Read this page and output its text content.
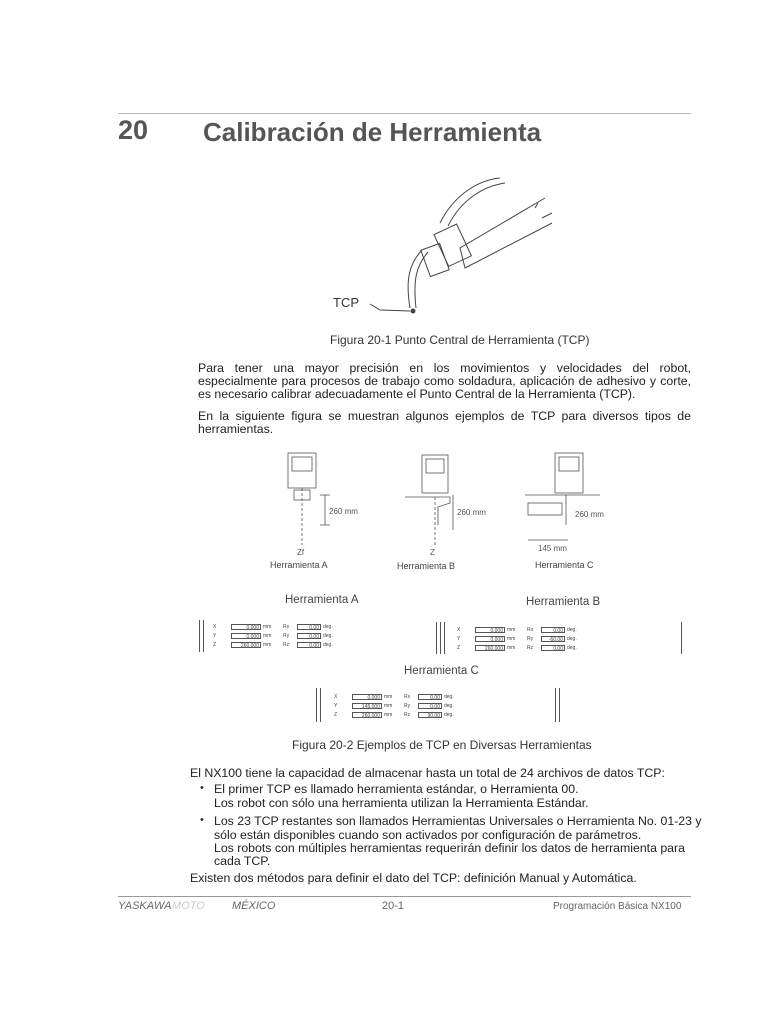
20 Calibración de Herramienta
TCP
Figura 20-1 Punto Central de Herramienta (TCP)
Para tener una mayor precisión en los movimientos y velocidades del robot, especialmente para procesos de trabajo como soldadura, aplicación de adhesivo y corte, es necesario calibrar adecuadamente el Punto Central de la Herramienta (TCP).
En la siguiente figura se muestran algunos ejemplos de TCP para diversos tipos de herramientas.
260 mm
Zf
Herramienta A
260 mm
Z
Herramienta B
260 mm
145 mm
Herramienta C
Herramienta A
X	0.000 mm Rx	0.00 deg.
Y	0.000 mm Ry	0.00 deg.
Z	260.000 mm Rz	0.00 deg.
Herramienta B
X	0.000 mm Rx	0.00 deg.
Y	0.000 mm Ry	-60.00 deg.
Z	260.000 mm Rz	0.00 deg.
Herramienta C
X	0.000 mm Rx	0.00 deg.
Y	145.000 mm Ry	0.00 deg.
Z	260.000 mm Rz	90.00 deg.
Figura 20-2 Ejemplos de TCP en Diversas Herramientas
El NX100 tiene la capacidad de almacenar hasta un total de 24 archivos de datos TCP:
• El primer TCP es llamado herramienta estándar, o Herramienta 00.
Los robot con sólo una herramienta utilizan la Herramienta Estándar.
• Los 23 TCP restantes son llamados Herramientas Universales o Herramienta No. 01-23 y
sólo están disponibles cuando son activados por configuración de parámetros.
Los robots con múltiples herramientas requerirán definir los datos de herramienta para
cada TCP.
Existen dos métodos para definir el dato del TCP: definición Manual y Automática.
YASKAWA MOTO MÉXICO	20-1	Programación Básica NX100
